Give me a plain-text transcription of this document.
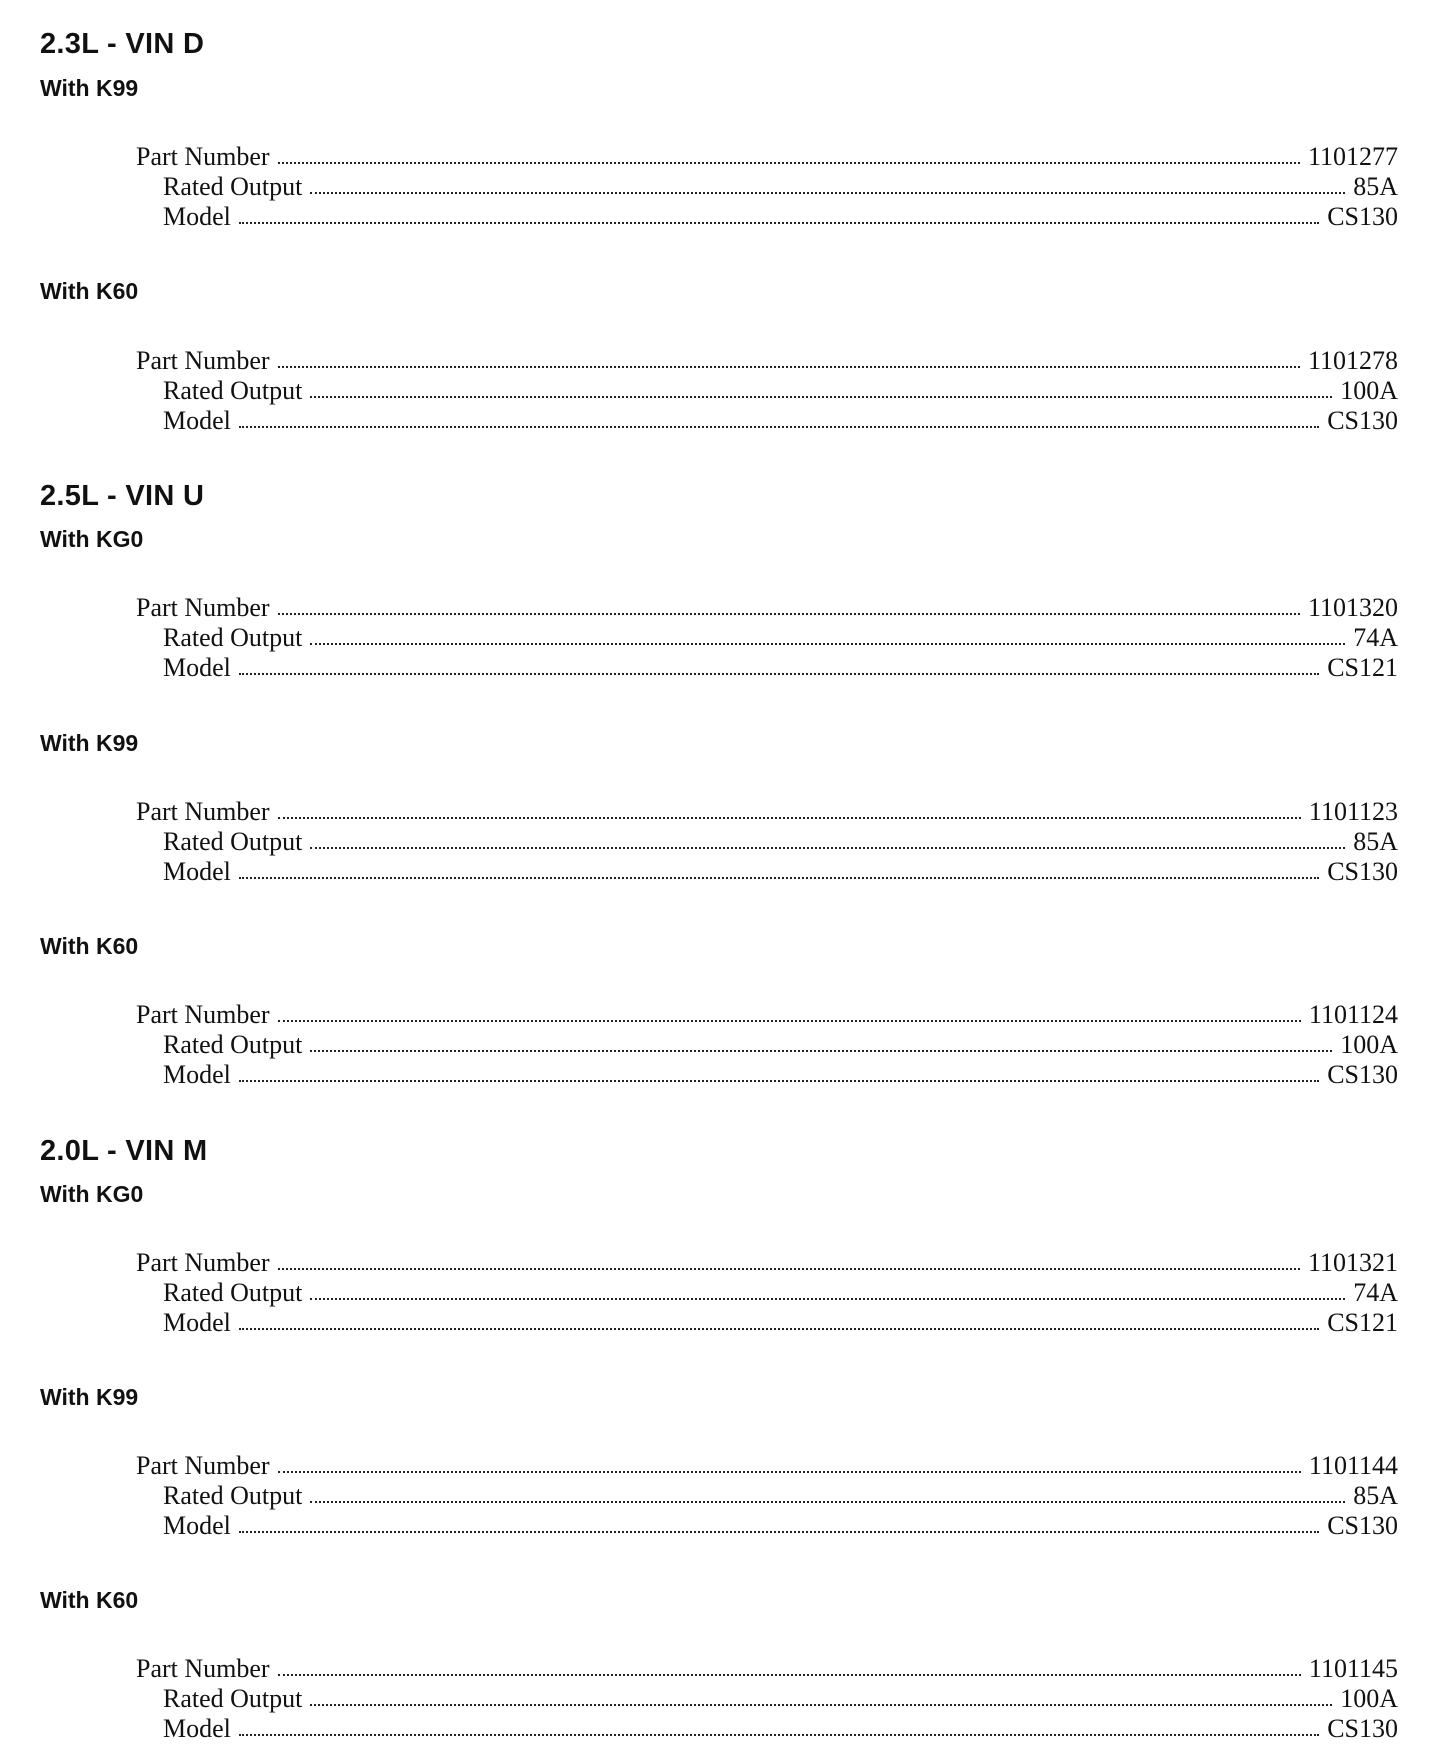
2.3L - VIN D
With K99
Part Number	1101277
Rated Output	85A
Model	CS130
With K60
Part Number	1101278
Rated Output	100A
Model	CS130
2.5L - VIN U
With KG0
Part Number	1101320
Rated Output	74A
Model	CS121
With K99
Part Number	1101123
Rated Output	85A
Model	CS130
With K60
Part Number	1101124
Rated Output	100A
Model	CS130
2.0L - VIN M
With KG0
Part Number	1101321
Rated Output	74A
Model	CS121
With K99
Part Number	1101144
Rated Output	85A
Model	CS130
With K60
Part Number	1101145
Rated Output	100A
Model	CS130
